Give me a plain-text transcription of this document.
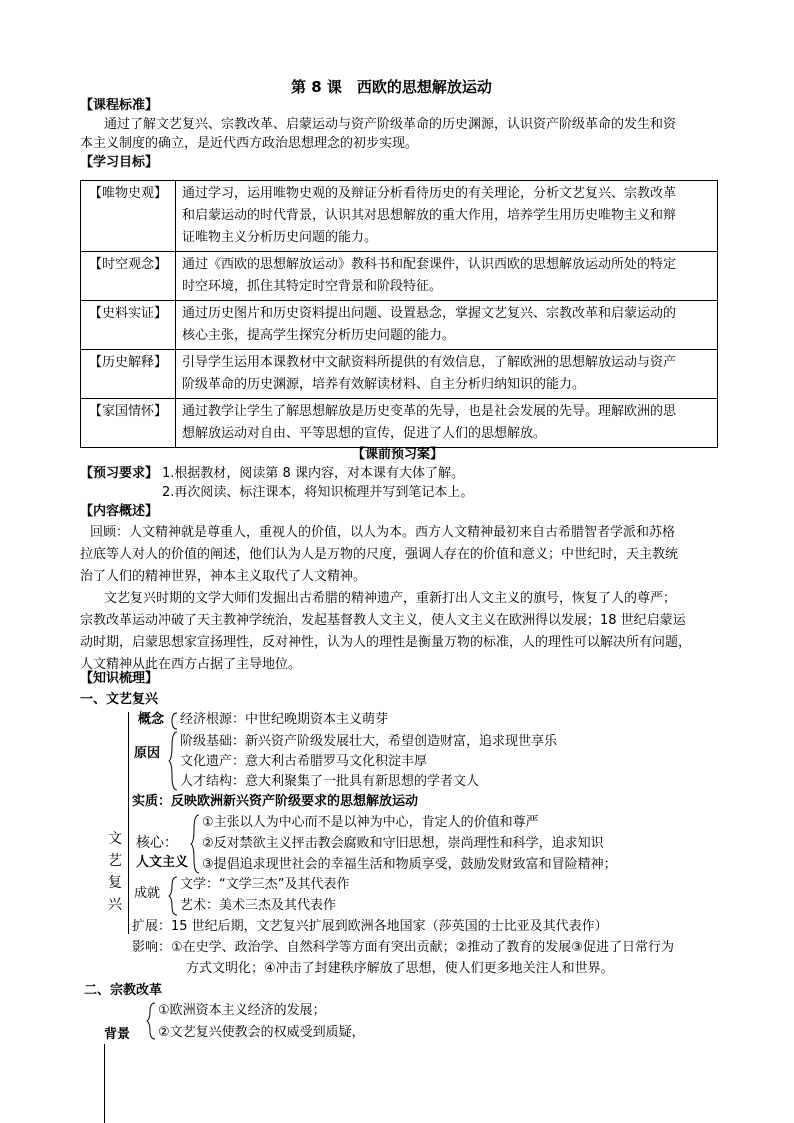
第 8 课　西欧的思想解放运动
【课程标准】
通过了解文艺复兴、宗教改革、启蒙运动与资产阶级革命的历史渊源，认识资产阶级革命的发生和资
本主义制度的确立，是近代西方政治思想理念的初步实现。
【学习目标】
【唯物史观】	通过学习，运用唯物史观的及辩证分析看待历史的有关理论，分析文艺复兴、宗教改革
和启蒙运动的时代背景，认识其对思想解放的重大作用，培养学生用历史唯物主义和辩
证唯物主义分析历史问题的能力。

【时空观念】	通过《西欧的思想解放运动》教科书和配套课件，认识西欧的思想解放运动所处的特定
时空环境，抓住其特定时空背景和阶段特征。

【史料实证】	通过历史图片和历史资料提出问题、设置悬念，掌握文艺复兴、宗教改革和启蒙运动的
核心主张，提高学生探究分析历史问题的能力。

【历史解释】	引导学生运用本课教材中文献资料所提供的有效信息，了解欧洲的思想解放运动与资产
阶级革命的历史渊源，培养有效解读材料、自主分析归纳知识的能力。

【家国情怀】	通过教学让学生了解思想解放是历史变革的先导，也是社会发展的先导。理解欧洲的思
想解放运动对自由、平等思想的宣传，促进了人们的思想解放。
【课前预习案】
【预习要求】 1.根据教材，阅读第 8 课内容，对本课有大体了解。
2.再次阅读、标注课本，将知识梳理并写到笔记本上。
【内容概述】
回顾：人文精神就是尊重人，重视人的价值，以人为本。西方人文精神最初来自古希腊智者学派和苏格
拉底等人对人的价值的阐述，他们认为人是万物的尺度，强调人存在的价值和意义；中世纪时，天主教统
治了人们的精神世界，神本主义取代了人文精神。
文艺复兴时期的文学大师们发掘出古希腊的精神遗产，重新打出人文主义的旗号，恢复了人的尊严；
宗教改革运动冲破了天主教神学统治，发起基督教人文主义，使人文主义在欧洲得以发展；18 世纪启蒙运
动时期，启蒙思想家宣扬理性，反对神性，认为人的理性是衡量万物的标准，人的理性可以解决所有问题，
人文精神从此在西方占据了主导地位。
【知识梳理】
一、文艺复兴
文
艺
复
兴
概念 经济根源：中世纪晚期资本主义萌芽
原因
阶级基础：新兴资产阶级发展壮大，希望创造财富，追求现世享乐
文化遗产：意大利古希腊罗马文化积淀丰厚
人才结构：意大利聚集了一批具有新思想的学者文人
实质：反映欧洲新兴资产阶级要求的思想解放运动
核心：
人文主义
①主张以人为中心而不是以神为中心，肯定人的价值和尊严
②反对禁欲主义抨击教会腐败和守旧思想，崇尚理性和科学，追求知识
③提倡追求现世社会的幸福生活和物质享受，鼓励发财致富和冒险精神；
成就
文学：“文学三杰”及其代表作
艺术：美术三杰及其代表作
扩展：15 世纪后期，文艺复兴扩展到欧洲各地国家（莎英国的士比亚及其代表作）
影响：①在史学、政治学、自然科学等方面有突出贡献；②推动了教育的发展③促进了日常行为
方式文明化；④冲击了封建秩序解放了思想，使人们更多地关注人和世界。
二、宗教改革
背景
①欧洲资本主义经济的发展；
②文艺复兴使教会的权威受到质疑，
